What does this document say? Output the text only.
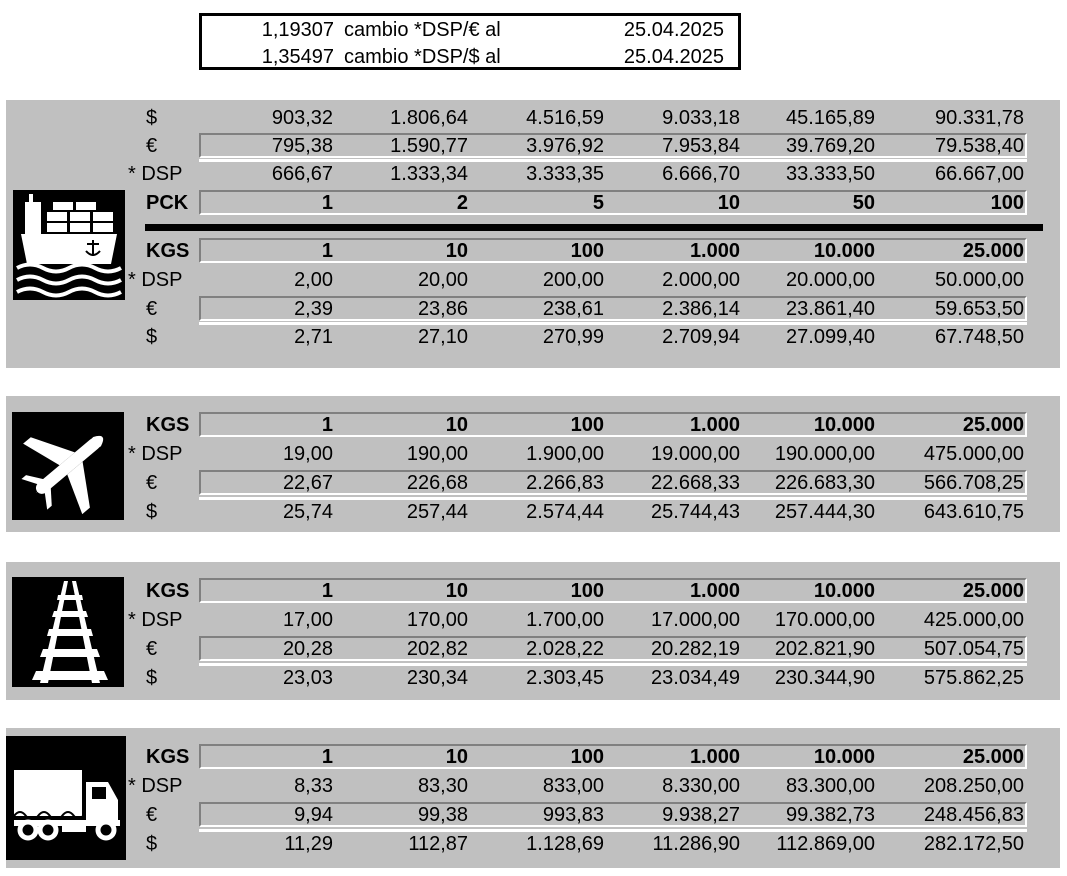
1,19307 cambio *DSP/€ al	25.04.2025
1,35497 cambio *DSP/$ al	25.04.2025
$	903,32	1.806,64	4.516,59	9.033,18	45.165,89	90.331,78
€	795,38	1.590,77	3.976,92	7.953,84	39.769,20	79.538,40
* DSP	666,67	1.333,34	3.333,35	6.666,70	33.333,50	66.667,00
PCK	1	2	5	10	50	100
KGS	1	10	100	1.000	10.000	25.000
* DSP	2,00	20,00	200,00	2.000,00	20.000,00	50.000,00
€	2,39	23,86	238,61	2.386,14	23.861,40	59.653,50
$	2,71	27,10	270,99	2.709,94	27.099,40	67.748,50
KGS	1	10	100	1.000	10.000	25.000
* DSP	19,00	190,00	1.900,00	19.000,00	190.000,00	475.000,00
€	22,67	226,68	2.266,83	22.668,33	226.683,30	566.708,25
$	25,74	257,44	2.574,44	25.744,43	257.444,30	643.610,75
KGS	1	10	100	1.000	10.000	25.000
* DSP	17,00	170,00	1.700,00	17.000,00	170.000,00	425.000,00
€	20,28	202,82	2.028,22	20.282,19	202.821,90	507.054,75
$	23,03	230,34	2.303,45	23.034,49	230.344,90	575.862,25
KGS	1	10	100	1.000	10.000	25.000
* DSP	8,33	83,30	833,00	8.330,00	83.300,00	208.250,00
€	9,94	99,38	993,83	9.938,27	99.382,73	248.456,83
$	11,29	112,87	1.128,69	11.286,90	112.869,00	282.172,50
